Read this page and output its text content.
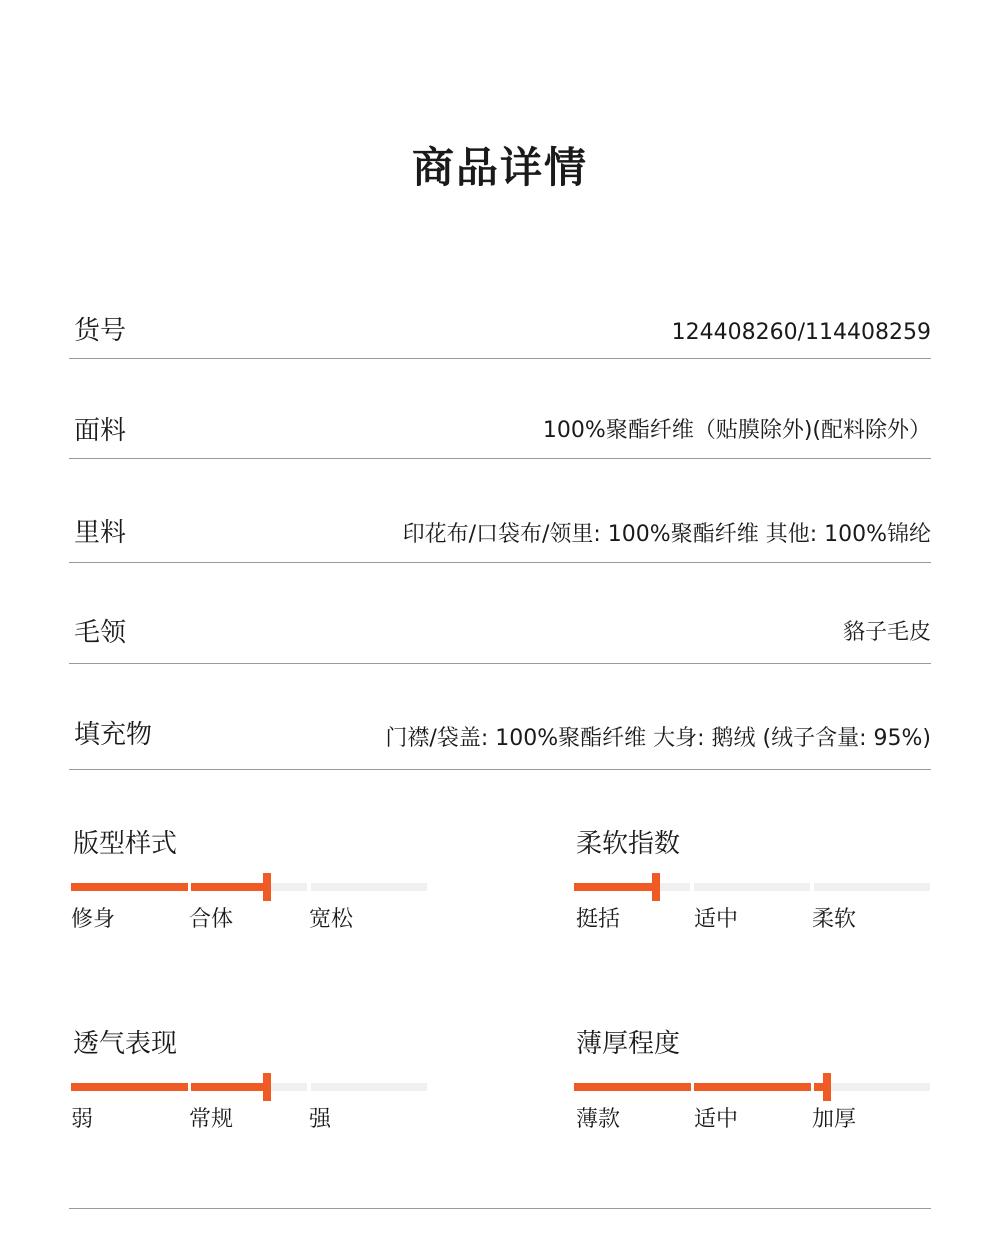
商品详情
货号	124408260/114408259
面料	100%聚酯纤维（贴膜除外)(配料除外）
里料	印花布/口袋布/领里: 100%聚酯纤维 其他: 100%锦纶
毛领	貉子毛皮
填充物	门襟/袋盖: 100%聚酯纤维 大身: 鹅绒 (绒子含量: 95%)
版型样式
修身	合体	宽松
柔软指数
挺括	适中	柔软
透气表现
弱	常规	强
薄厚程度
薄款	适中	加厚
